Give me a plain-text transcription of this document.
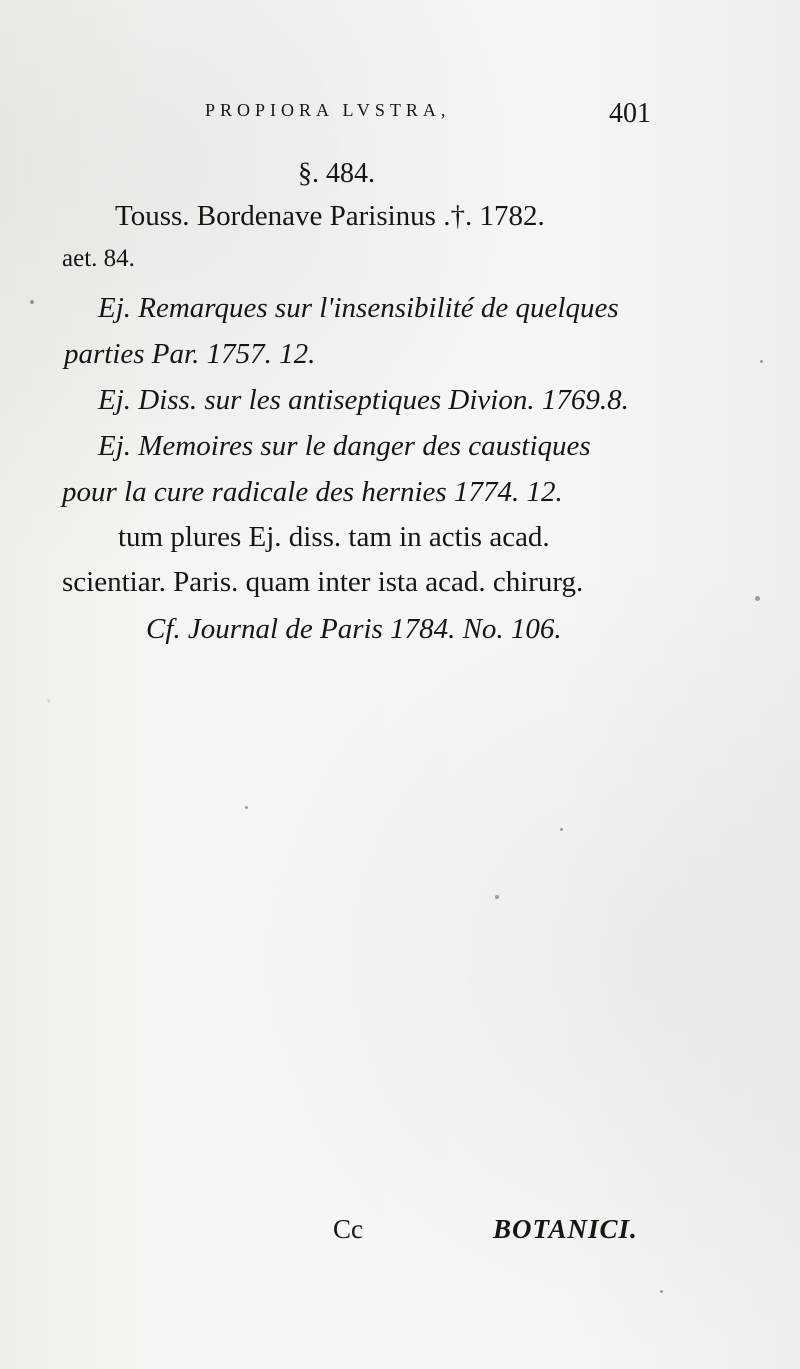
.
PROPIORA LVSTRA,	401
§. 484.
Touss. Bordenave Parisinus .†. 1782.
aet. 84.
Ej. Remarques sur l'insensibilité de quelques
parties Par. 1757. 12.
Ej. Diss. sur les antiseptiques Divion. 1769.8.
Ej. Memoires sur le danger des caustiques
pour la cure radicale des hernies 1774. 12.
tum plures Ej. diss. tam in actis acad.
scientiar. Paris. quam inter ista acad. chirurg.
Cf. Journal de Paris 1784. No. 106.
Cc	BOTANICI.
